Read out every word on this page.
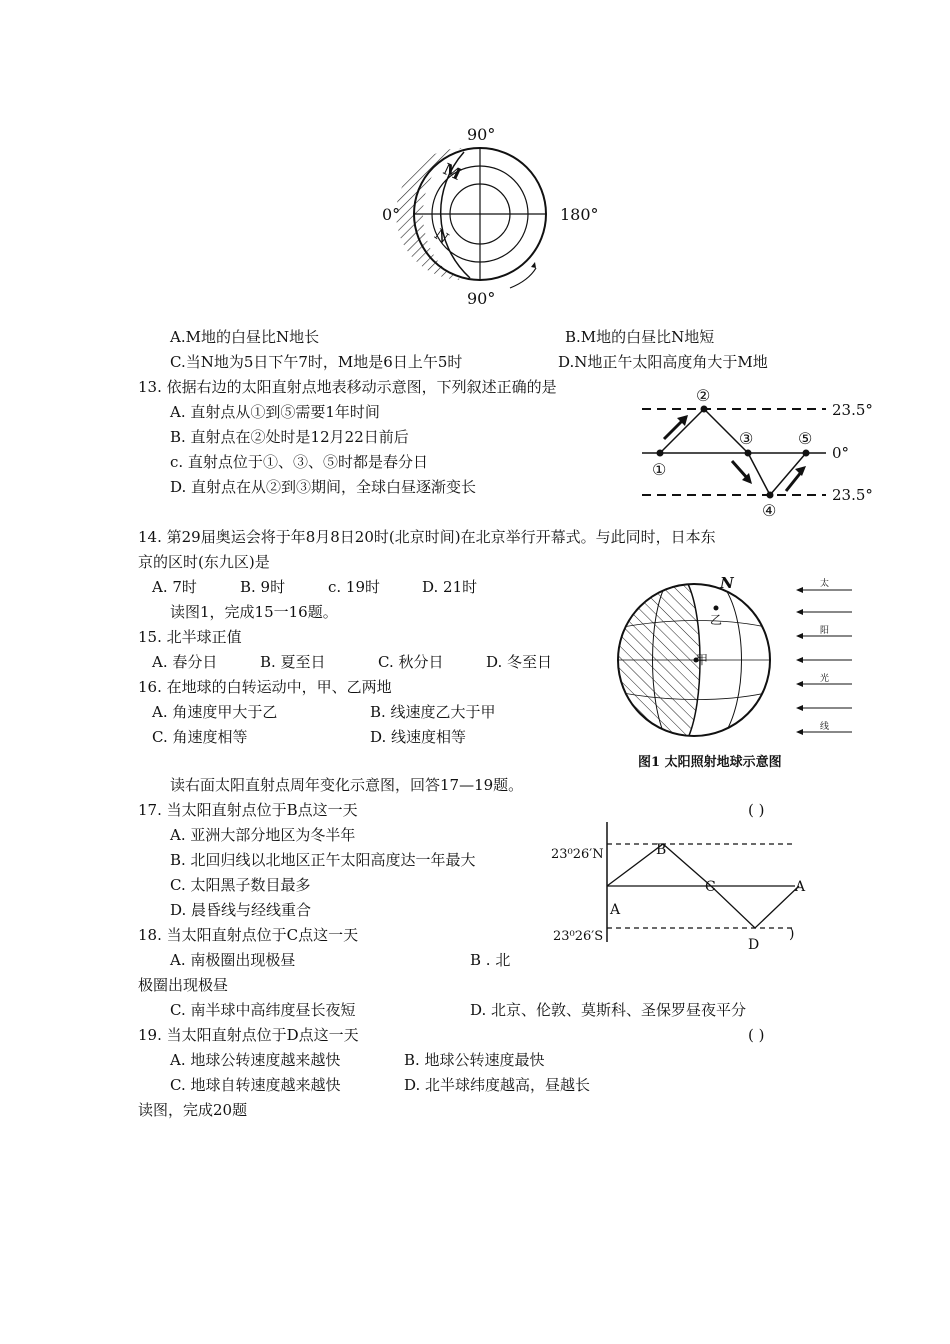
90°
90°
0°	180°
M
N
A.M地的白昼比N地长	B.M地的白昼比N地短
C.当N地为5日下午7时，M地是6日上午5时	D.N地正午太阳高度角大于M地
13. 依据右边的太阳直射点地表移动示意图，下列叙述正确的是
A. 直射点从①到⑤需要1年时间
B. 直射点在②处时是12月22日前后
c. 直射点位于①、③、⑤时都是春分日
D. 直射点在从②到③期间，全球白昼逐渐变长
23.5°
0°
23.5°
①
②
③
④
⑤
14. 第29届奥运会将于年8月8日20时(北京时间)在北京举行开幕式。与此同时，日本东
京的区时(东九区)是
A. 7时	B. 9时	c. 19时	D. 21时
读图1，完成15一16题。
15. 北半球正值
A. 春分日	B. 夏至日	C. 秋分日	D. 冬至日
16. 在地球的白转运动中，甲、乙两地
A. 角速度甲大于乙	B. 线速度乙大于甲
C. 角速度相等	D. 线速度相等
N
乙
甲
太
阳
光
线
图1 太阳照射地球示意图
读右面太阳直射点周年变化示意图，回答17—19题。
17. 当太阳直射点位于B点这一天	( )
A. 亚洲大部分地区为冬半年
B. 北回归线以北地区正午太阳高度达一年最大
C. 太阳黑子数目最多
D. 晨昏线与经线重合
23⁰26′N
23⁰26′S
A
B
C	A
D
)
18. 当太阳直射点位于C点这一天
A. 南极圈出现极昼	B . 北
极圈出现极昼
C. 南半球中高纬度昼长夜短	D. 北京、伦敦、莫斯科、圣保罗昼夜平分
19. 当太阳直射点位于D点这一天	( )
A. 地球公转速度越来越快	B. 地球公转速度最快
C. 地球自转速度越来越快	D. 北半球纬度越高，昼越长
读图，完成20题
